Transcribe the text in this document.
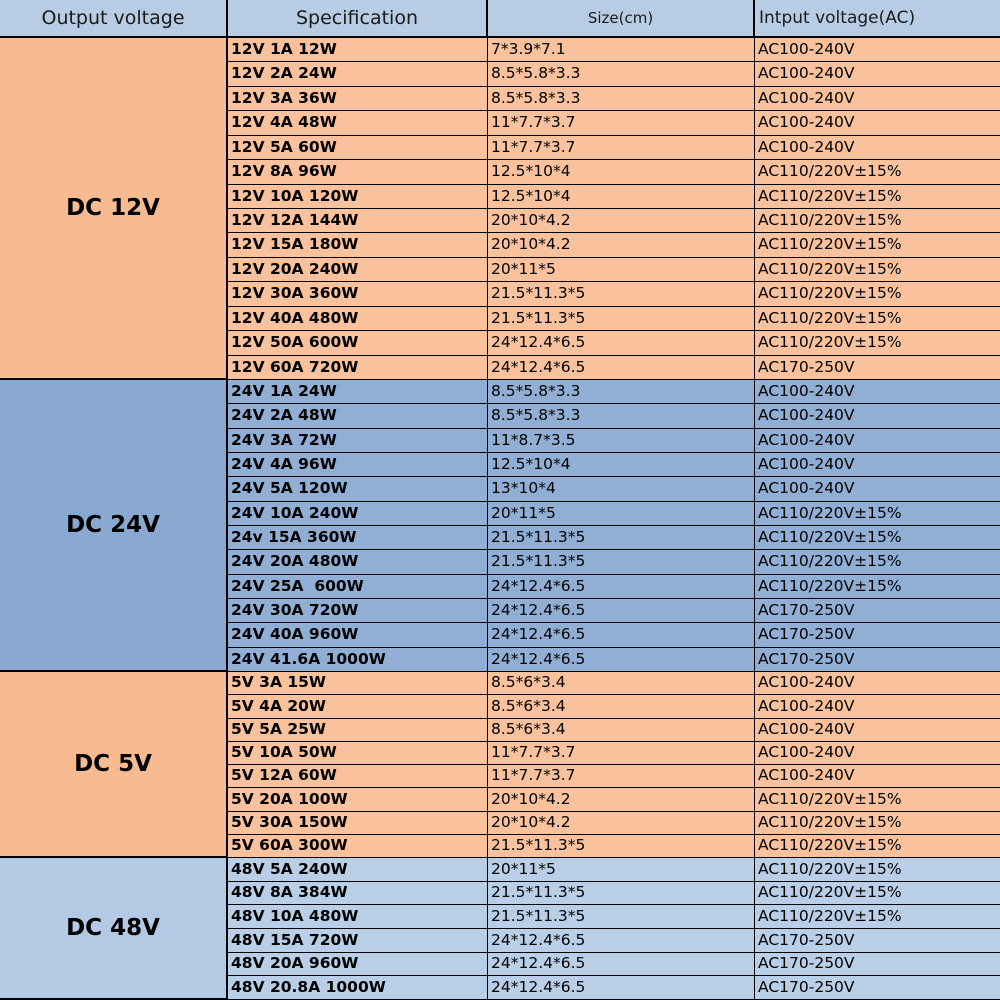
Output voltage	Specification	Size(cm)	Intput voltage(AC)
DC 12V
12V 1A 12W	7*3.9*7.1	AC100-240V
12V 2A 24W	8.5*5.8*3.3	AC100-240V
12V 3A 36W	8.5*5.8*3.3	AC100-240V
12V 4A 48W	11*7.7*3.7	AC100-240V
12V 5A 60W	11*7.7*3.7	AC100-240V
12V 8A 96W	12.5*10*4	AC110/220V±15%
12V 10A 120W	12.5*10*4	AC110/220V±15%
12V 12A 144W	20*10*4.2	AC110/220V±15%
12V 15A 180W	20*10*4.2	AC110/220V±15%
12V 20A 240W	20*11*5	AC110/220V±15%
12V 30A 360W	21.5*11.3*5	AC110/220V±15%
12V 40A 480W	21.5*11.3*5	AC110/220V±15%
12V 50A 600W	24*12.4*6.5	AC110/220V±15%
12V 60A 720W	24*12.4*6.5	AC170-250V
DC 24V
24V 1A 24W	8.5*5.8*3.3	AC100-240V
24V 2A 48W	8.5*5.8*3.3	AC100-240V
24V 3A 72W	11*8.7*3.5	AC100-240V
24V 4A 96W	12.5*10*4	AC100-240V
24V 5A 120W	13*10*4	AC100-240V
24V 10A 240W	20*11*5	AC110/220V±15%
24v 15A 360W	21.5*11.3*5	AC110/220V±15%
24V 20A 480W	21.5*11.3*5	AC110/220V±15%
24V 25A  600W	24*12.4*6.5	AC110/220V±15%
24V 30A 720W	24*12.4*6.5	AC170-250V
24V 40A 960W	24*12.4*6.5	AC170-250V
24V 41.6A 1000W	24*12.4*6.5	AC170-250V
DC 5V
5V 3A 15W	8.5*6*3.4	AC100-240V
5V 4A 20W	8.5*6*3.4	AC100-240V
5V 5A 25W	8.5*6*3.4	AC100-240V
5V 10A 50W	11*7.7*3.7	AC100-240V
5V 12A 60W	11*7.7*3.7	AC100-240V
5V 20A 100W	20*10*4.2	AC110/220V±15%
5V 30A 150W	20*10*4.2	AC110/220V±15%
5V 60A 300W	21.5*11.3*5	AC110/220V±15%
DC 48V
48V 5A 240W	20*11*5	AC110/220V±15%
48V 8A 384W	21.5*11.3*5	AC110/220V±15%
48V 10A 480W	21.5*11.3*5	AC110/220V±15%
48V 15A 720W	24*12.4*6.5	AC170-250V
48V 20A 960W	24*12.4*6.5	AC170-250V
48V 20.8A 1000W	24*12.4*6.5	AC170-250V
